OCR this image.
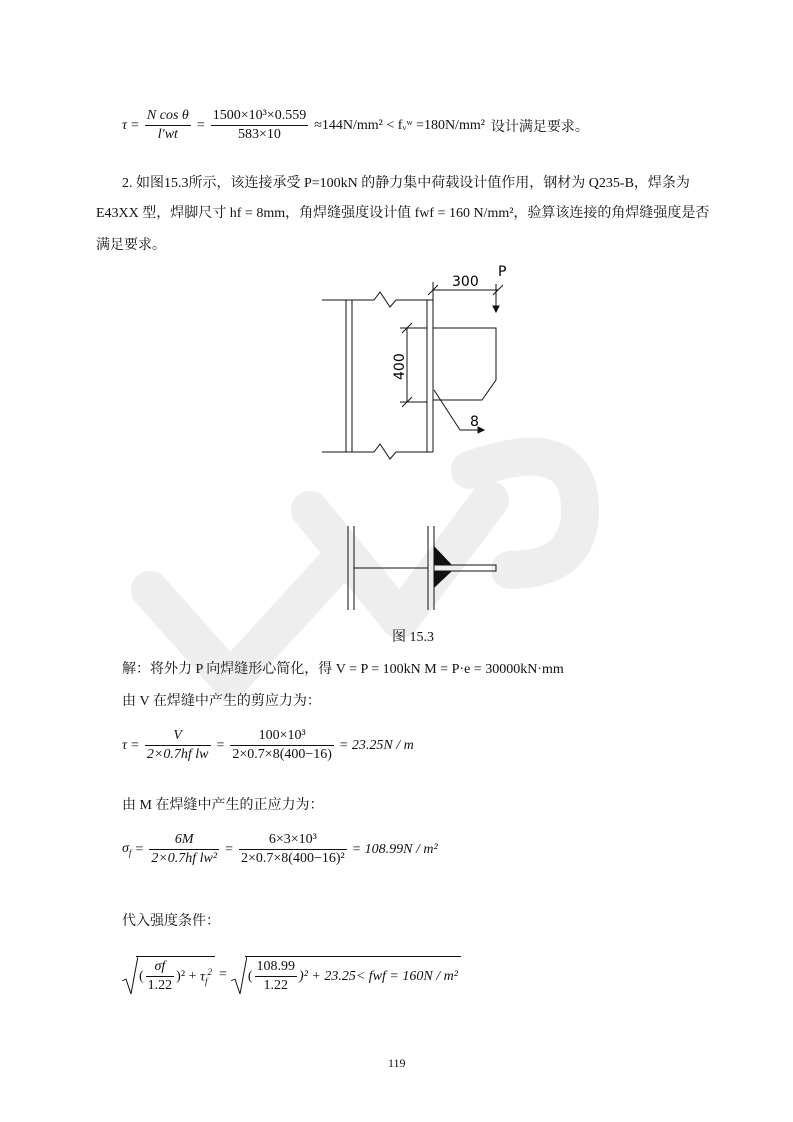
$\tau = \frac{\text{N cos θ}}{l'wt} = \frac{\text{1500×10³×0.559}}{583\times 10} \approx 144N/mm^2$ < fᵥʷ =180N/mm² 设计满足要求。
2. 如图15.3所示，该连接承受 P=100kN 的静力集中荷载设计值作用，钢材为 Q235-B，焊条为
E43XX 型，焊脚尺寸 hf = 8mm，角焊缝强度设计值 fwf = 160 N/mm²，验算该连接的角焊缝强度是否
满足要求。
300
P
400
8
图 15.3
解：将外力 P 向焊缝形心简化，得 V = P = 100kN M = P·e = 30000kN·mm
由 V 在焊缝中产生的剪应力为：
$\tau = \frac{V}{\text{2×0.7hf lw}} = \frac{\text{100×10³}}{2\times 0.7\times 8(400-16)} = 23.25N / m$
由 M 在焊缝中产生的正应力为：
$\sigma_f = \frac{6M}{\text{2×0.7hf lw²}} = \frac{\text{6×3×10³}}{\text{2×0.7×8(400−16)²}} = 108.99N / m^2$
代入强度条件：
( $\frac{\sigma f}{1.22} )^2 + \tau_f^2$ =	( $\frac{108.99}{1.22} )^2 + 23.25<$ fwf = 160N / m²
119
